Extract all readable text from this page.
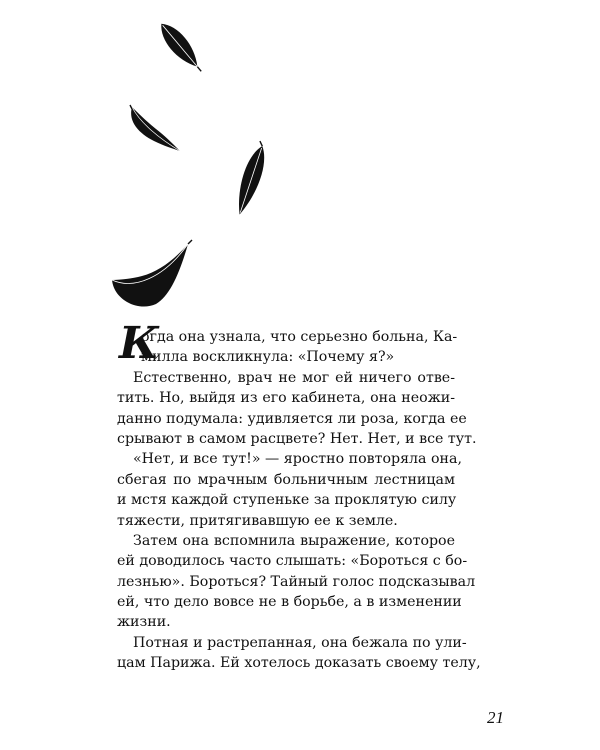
К
огда она узнала, что серьезно больна, Ка-
милла воскликнула: «Почему я?»
Естественно, врач не мог ей ничего отве-
тить. Но, выйдя из его кабинета, она неожи-
данно подумала: удивляется ли роза, когда ее
срывают в самом расцвете? Нет. Нет, и все тут.
«Нет, и все тут!» — яростно повторяла она,
сбегая по мрачным больничным лестницам
и мстя каждой ступеньке за проклятую силу
тяжести, притягивавшую ее к земле.
Затем она вспомнила выражение, которое
ей доводилось часто слышать: «Бороться с бо-
лезнью». Бороться? Тайный голос подсказывал
ей, что дело вовсе не в борьбе, а в изменении
жизни.
Потная и растрепанная, она бежала по ули-
цам Парижа. Ей хотелось доказать своему телу,
21
